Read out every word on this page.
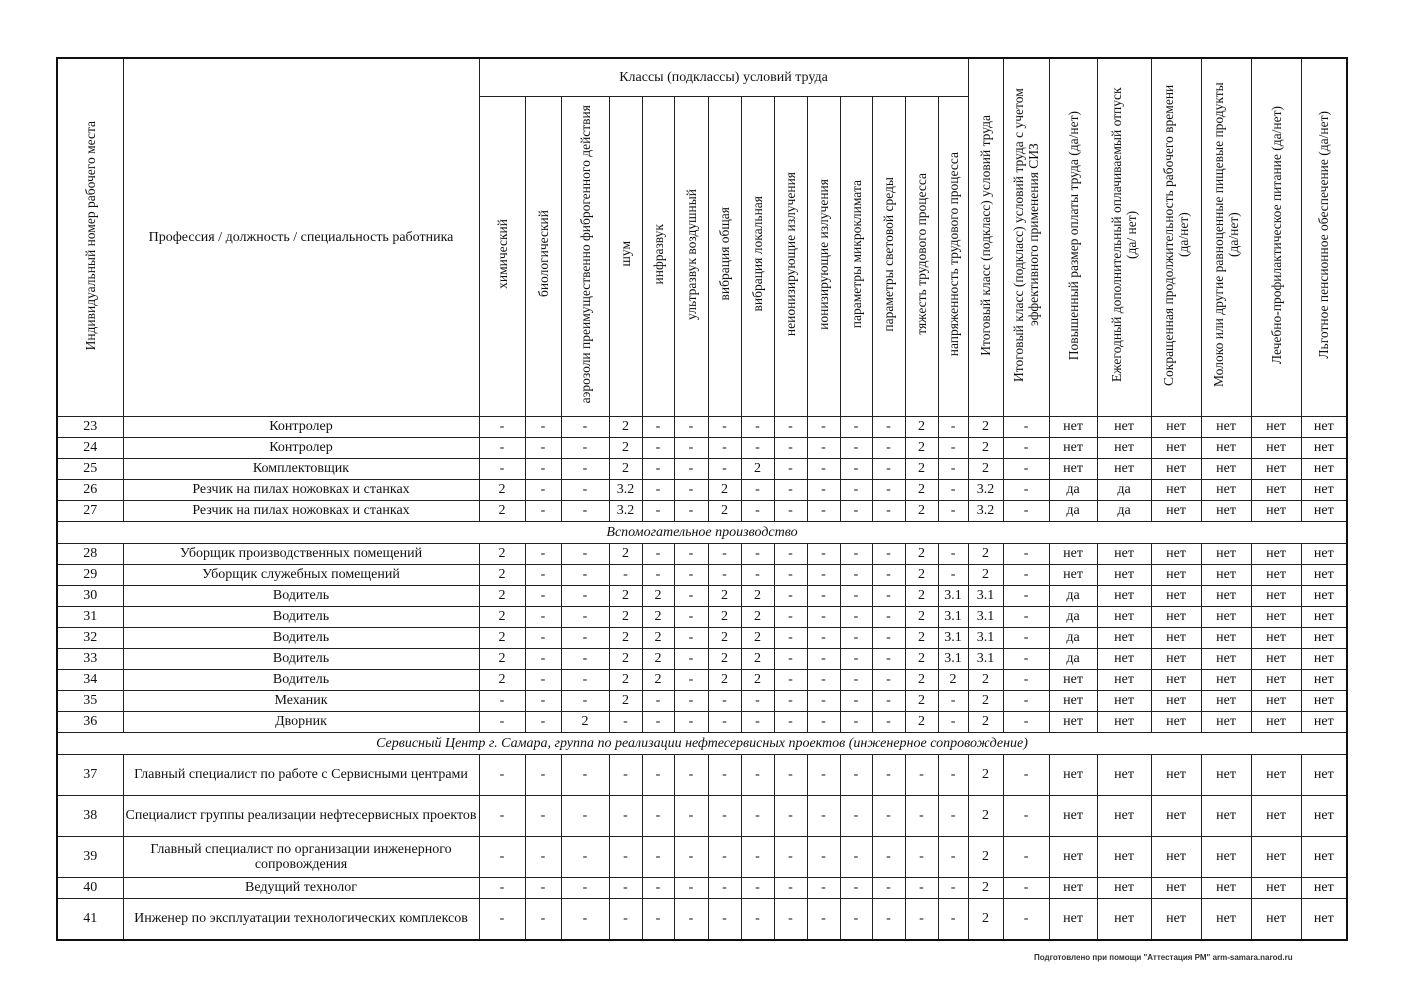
Индивидуальный номер рабочего места	Профессия / должность / специальность работника	Классы (подклассы) условий труда														Итоговый класс (подкласс) условий труда	Итоговый класс (подкласс) условий труда с учетом эффективного применения СИЗ	Повышенный размер оплаты труда (да/нет)	Ежегодный дополнительный оплачиваемый отпуск (да/ нет)	Сокращенная продолжительность рабочего времени (да/нет)	Молоко или другие равноценные пищевые продукты (да/нет)	Лечебно-профилактическое питание (да/нет)	Льготное пенсионное обеспечение (да/нет)
		химический	биологический	аэрозоли преимущественно фиброгенного действия	шум	инфразвук	ультразвук воздушный	вибрация общая	вибрация локальная	неионизирующие излучения	ионизирующие излучения	параметры микроклимата	параметры световой среды	тяжесть трудового процесса	напряженность трудового процесса								
23	Контролер	-	-	-	2	-	-	-	-	-	-	-	-	2	-	2	-	нет	нет	нет	нет	нет	нет
24	Контролер	-	-	-	2	-	-	-	-	-	-	-	-	2	-	2	-	нет	нет	нет	нет	нет	нет
25	Комплектовщик	-	-	-	2	-	-	-	2	-	-	-	-	2	-	2	-	нет	нет	нет	нет	нет	нет
26	Резчик на пилах ножовках и станках	2	-	-	3.2	-	-	2	-	-	-	-	-	2	-	3.2	-	да	да	нет	нет	нет	нет
27	Резчик на пилах ножовках и станках	2	-	-	3.2	-	-	2	-	-	-	-	-	2	-	3.2	-	да	да	нет	нет	нет	нет
Вспомогательное производство																							
28	Уборщик производственных помещений	2	-	-	2	-	-	-	-	-	-	-	-	2	-	2	-	нет	нет	нет	нет	нет	нет
29	Уборщик служебных помещений	2	-	-	-	-	-	-	-	-	-	-	-	2	-	2	-	нет	нет	нет	нет	нет	нет
30	Водитель	2	-	-	2	2	-	2	2	-	-	-	-	2	3.1	3.1	-	да	нет	нет	нет	нет	нет
31	Водитель	2	-	-	2	2	-	2	2	-	-	-	-	2	3.1	3.1	-	да	нет	нет	нет	нет	нет
32	Водитель	2	-	-	2	2	-	2	2	-	-	-	-	2	3.1	3.1	-	да	нет	нет	нет	нет	нет
33	Водитель	2	-	-	2	2	-	2	2	-	-	-	-	2	3.1	3.1	-	да	нет	нет	нет	нет	нет
34	Водитель	2	-	-	2	2	-	2	2	-	-	-	-	2	2	2	-	нет	нет	нет	нет	нет	нет
35	Механик	-	-	-	2	-	-	-	-	-	-	-	-	2	-	2	-	нет	нет	нет	нет	нет	нет
36	Дворник	-	-	2	-	-	-	-	-	-	-	-	-	2	-	2	-	нет	нет	нет	нет	нет	нет
Сервисный Центр г. Самара, группа по реализации нефтесервисных проектов (инженерное сопровождение)																							
37	Главный специалист по работе с Сервисными центрами	-	-	-	-	-	-	-	-	-	-	-	-	-	-	2	-	нет	нет	нет	нет	нет	нет
38	Специалист группы реализации нефтесервисных проектов	-	-	-	-	-	-	-	-	-	-	-	-	-	-	2	-	нет	нет	нет	нет	нет	нет
39	Главный специалист по организации инженерного сопровождения	-	-	-	-	-	-	-	-	-	-	-	-	-	-	2	-	нет	нет	нет	нет	нет	нет
40	Ведущий технолог	-	-	-	-	-	-	-	-	-	-	-	-	-	-	2	-	нет	нет	нет	нет	нет	нет
41	Инженер по эксплуатации технологических комплексов	-	-	-	-	-	-	-	-	-	-	-	-	-	-	2	-	нет	нет	нет	нет	нет	нет
Подготовлено при помощи "Аттестация РМ" arm-samara.narod.ru
